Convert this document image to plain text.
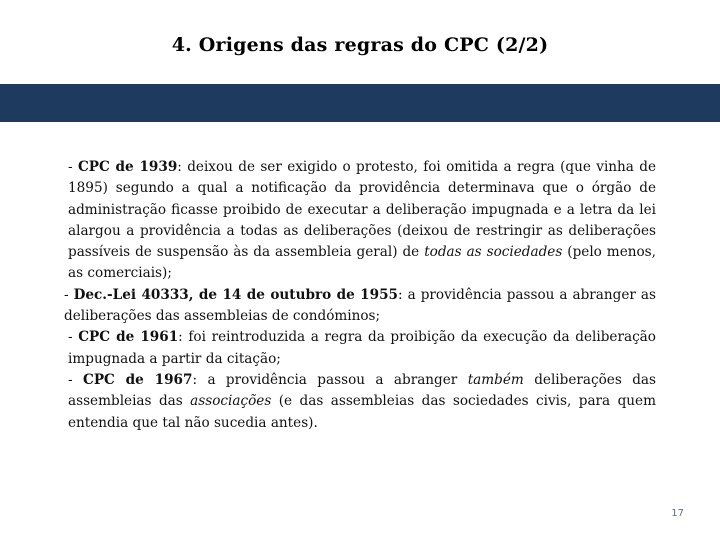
4. Origens das regras do CPC (2/2)

- CPC de 1939: deixou de ser exigido o protesto, foi omitida a regra (que vinha de 1895) segundo a qual a notificação da providência determinava que o órgão de administração ficasse proibido de executar a deliberação impugnada e a letra da lei alargou a providência a todas as deliberações (deixou de restringir as deliberações passíveis de suspensão às da assembleia geral) de todas as sociedades (pelo menos, as comerciais);

- Dec.-Lei 40333, de 14 de outubro de 1955: a providência passou a abranger as deliberações das assembleias de condóminos;

- CPC de 1961: foi reintroduzida a regra da proibição da execução da deliberação impugnada a partir da citação;

- CPC de 1967: a providência passou a abranger também deliberações das assembleias das associações (e das assembleias das sociedades civis, para quem entendia que tal não sucedia antes).

17
